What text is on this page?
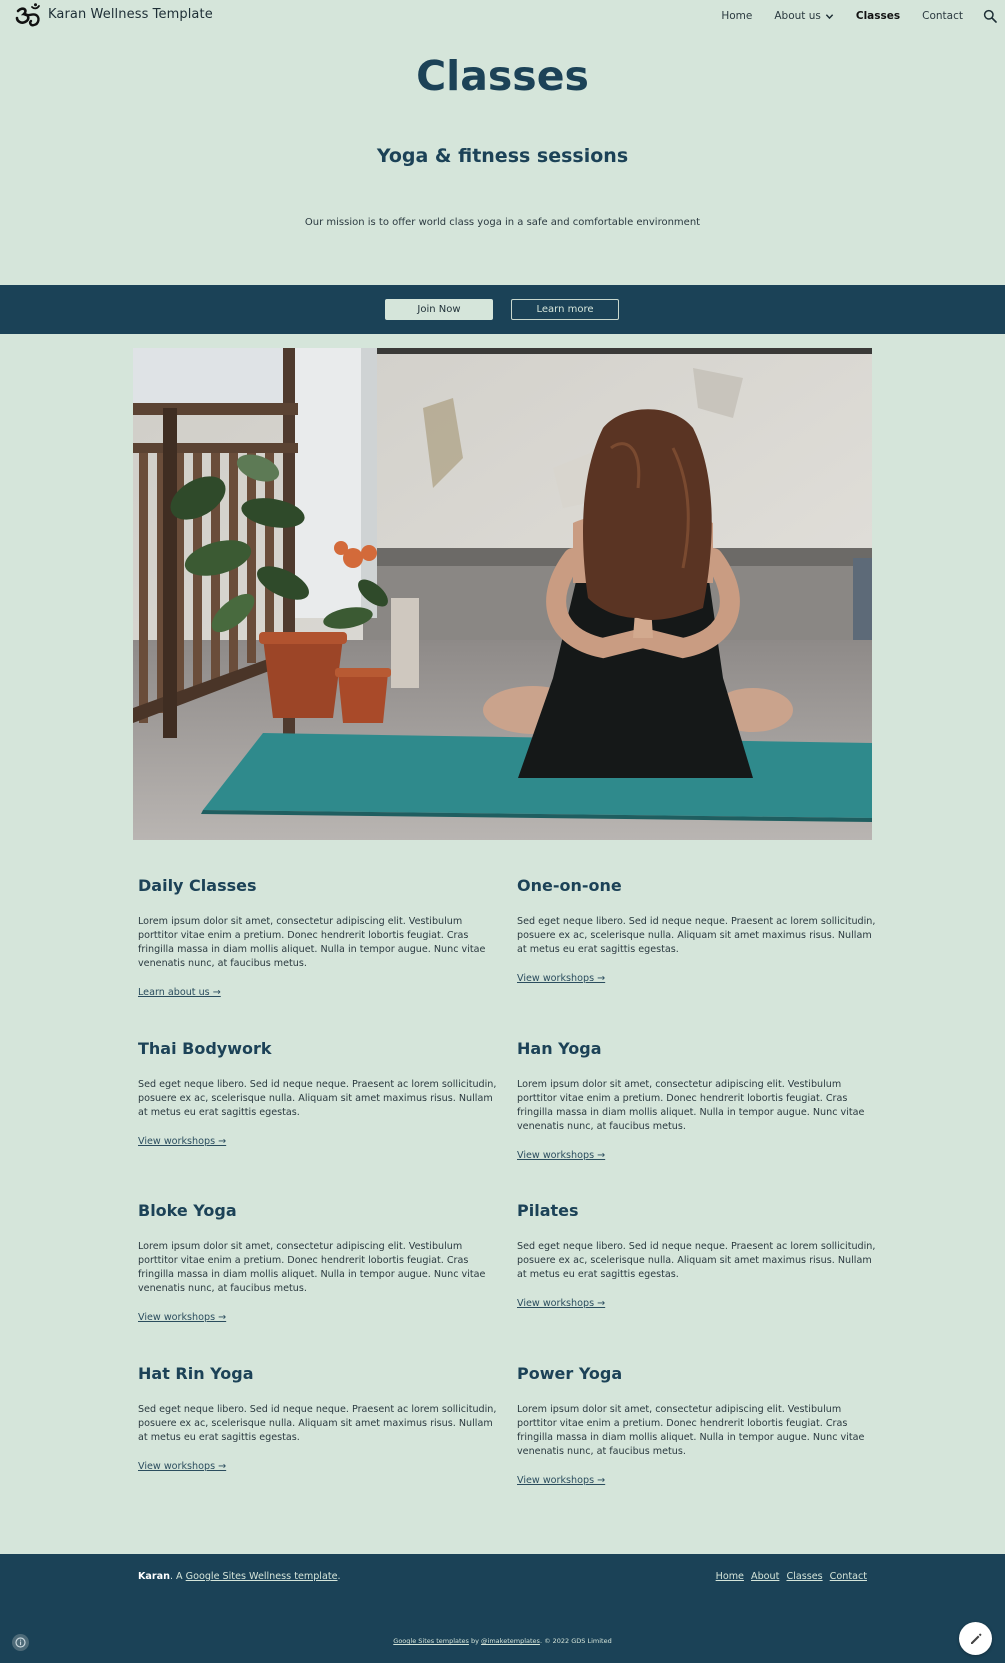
Karan Wellness Template	Home About us	Classes Contact
Classes
Yoga & fitness sessions
Our mission is to offer world class yoga in a safe and comfortable environment
Join Now	Learn more
Daily Classes

Lorem ipsum dolor sit amet, consectetur adipiscing elit. Vestibulum porttitor vitae enim a pretium. Donec hendrerit lobortis feugiat. Cras fringilla massa in diam mollis aliquet. Nulla in tempor augue. Nunc vitae venenatis nunc, at faucibus metus.

Learn about us →
One-on-one

Sed eget neque libero. Sed id neque neque. Praesent ac lorem sollicitudin, posuere ex ac, scelerisque nulla. Aliquam sit amet maximus risus. Nullam at metus eu erat sagittis egestas.

View workshops →
Thai Bodywork

Sed eget neque libero. Sed id neque neque. Praesent ac lorem sollicitudin, posuere ex ac, scelerisque nulla. Aliquam sit amet maximus risus. Nullam at metus eu erat sagittis egestas.

View workshops →
Han Yoga

Lorem ipsum dolor sit amet, consectetur adipiscing elit. Vestibulum porttitor vitae enim a pretium. Donec hendrerit lobortis feugiat. Cras fringilla massa in diam mollis aliquet. Nulla in tempor augue. Nunc vitae venenatis nunc, at faucibus metus.

View workshops →
Bloke Yoga

Lorem ipsum dolor sit amet, consectetur adipiscing elit. Vestibulum porttitor vitae enim a pretium. Donec hendrerit lobortis feugiat. Cras fringilla massa in diam mollis aliquet. Nulla in tempor augue. Nunc vitae venenatis nunc, at faucibus metus.

View workshops →
Pilates

Sed eget neque libero. Sed id neque neque. Praesent ac lorem sollicitudin, posuere ex ac, scelerisque nulla. Aliquam sit amet maximus risus. Nullam at metus eu erat sagittis egestas.

View workshops →
Hat Rin Yoga

Sed eget neque libero. Sed id neque neque. Praesent ac lorem sollicitudin, posuere ex ac, scelerisque nulla. Aliquam sit amet maximus risus. Nullam at metus eu erat sagittis egestas.

View workshops →
Power Yoga

Lorem ipsum dolor sit amet, consectetur adipiscing elit. Vestibulum porttitor vitae enim a pretium. Donec hendrerit lobortis feugiat. Cras fringilla massa in diam mollis aliquet. Nulla in tempor augue. Nunc vitae venenatis nunc, at faucibus metus.

View workshops →
Karan. A Google Sites Wellness template.	Home About Classes Contact
Google Sites templates by @imaketemplates. © 2022 GDS Limited
